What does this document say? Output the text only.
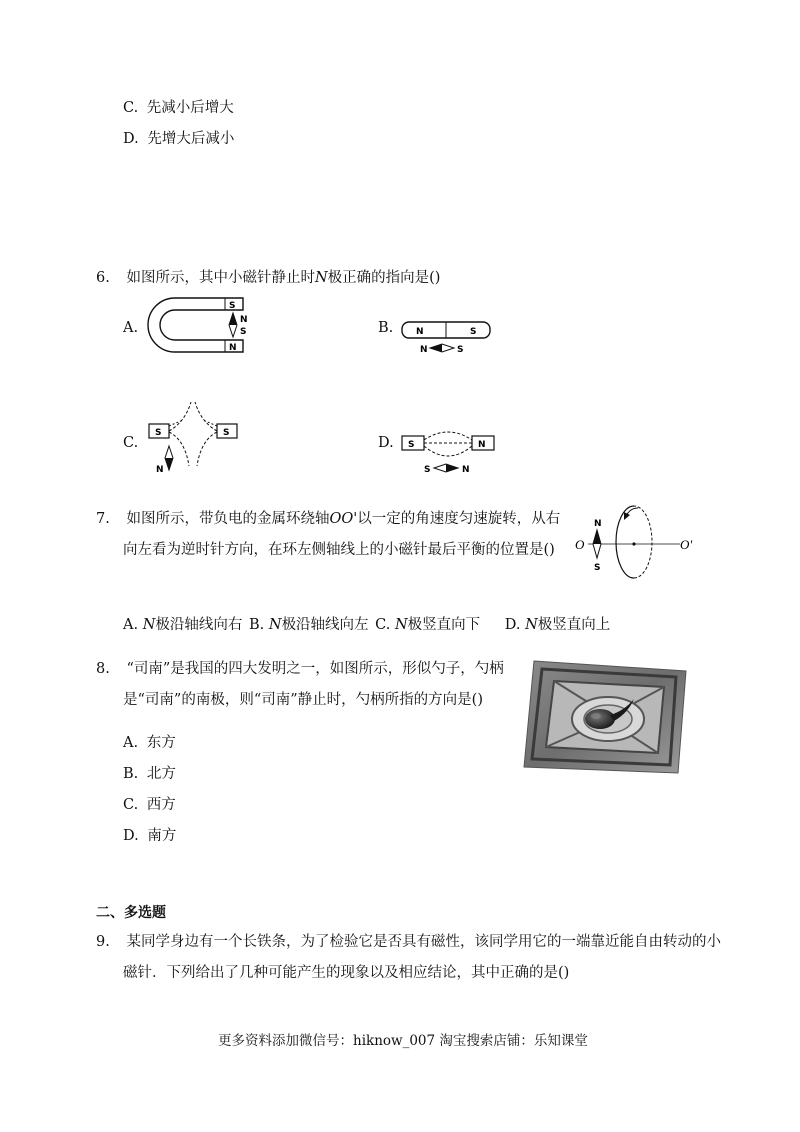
C. 先减小后增大
D. 先增大后减小
6. 如图所示，其中小磁针静止时N极正确的指向是()
A.	B.
C.	D.
S
N
N
S	N	S
N	S
S	S
N
S	N
S	N
7. 如图所示，带负电的金属环绕轴OO'以一定的角速度匀速旋转，从右
向左看为逆时针方向，在环左侧轴线上的小磁针最后平衡的位置是() O	O'
N
S
A. N极沿轴线向右 B. N极沿轴线向左 C. N极竖直向下 D. N极竖直向上
8. “司南”是我国的四大发明之一，如图所示，形似勺子，勺柄
是“司南”的南极，则“司南”静止时，勺柄所指的方向是()
A. 东方
B. 北方
C. 西方
D. 南方
二、多选题
9. 某同学身边有一个长铁条，为了检验它是否具有磁性，该同学用它的一端靠近能自由转动的小
磁针．下列给出了几种可能产生的现象以及相应结论，其中正确的是()
更多资料添加微信号：hiknow_007 淘宝搜索店铺：乐知课堂
